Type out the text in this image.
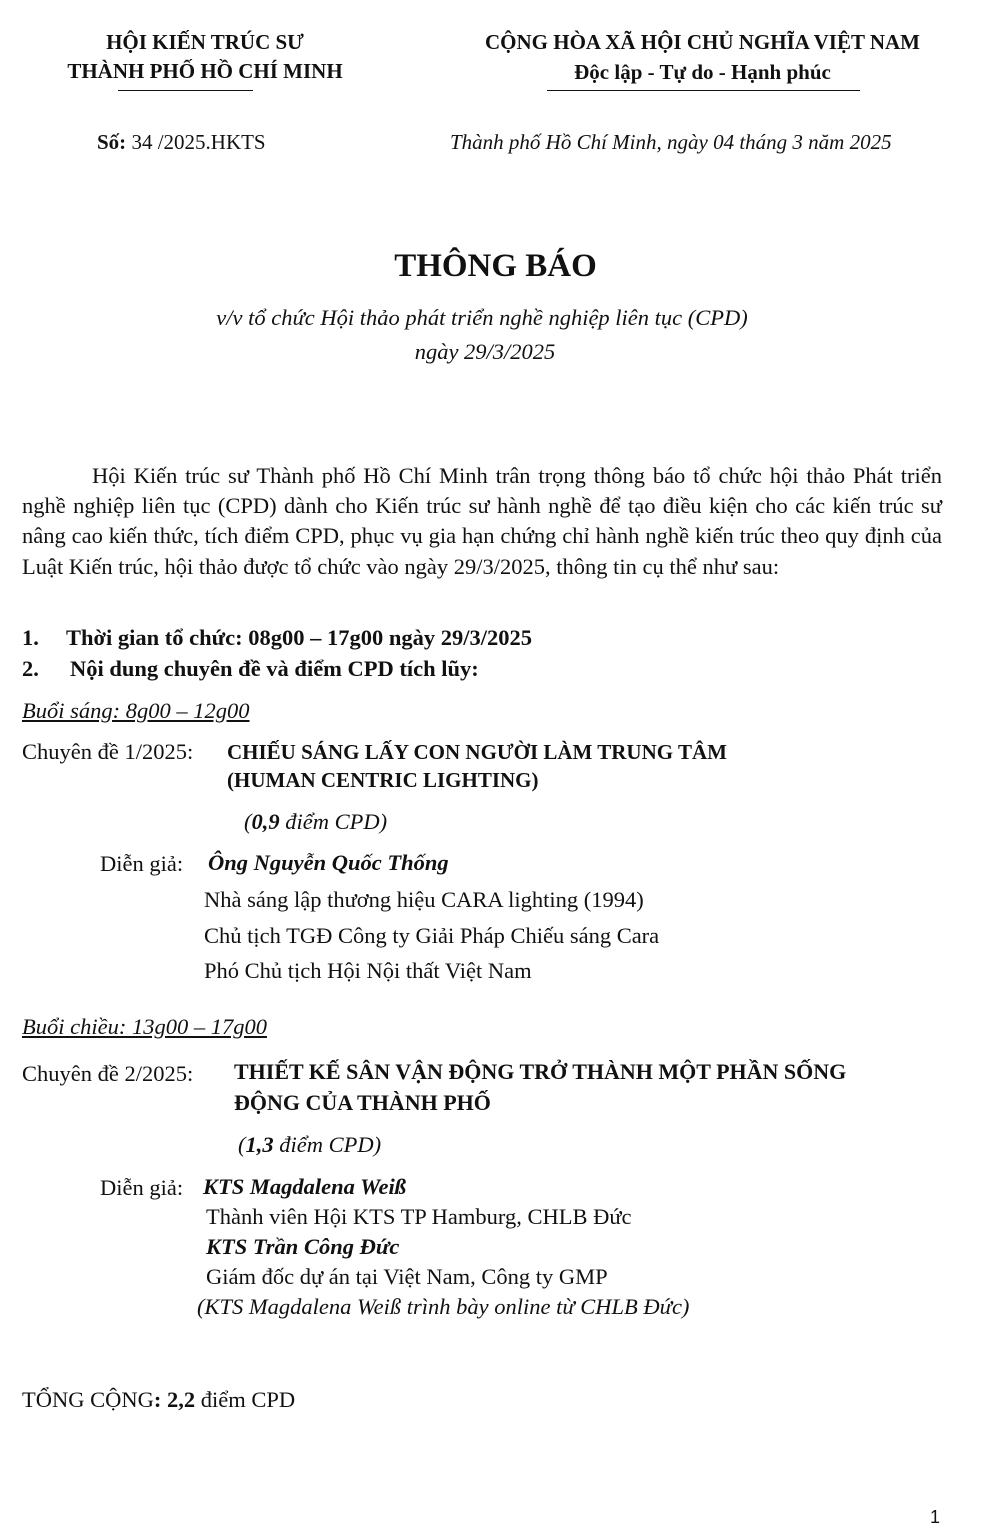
HỘI KIẾN TRÚC SƯ
THÀNH PHỐ HỒ CHÍ MINH
CỘNG HÒA XÃ HỘI CHỦ NGHĨA VIỆT NAM
Độc lập - Tự do - Hạnh phúc
Số: 34 /2025.HKTS	Thành phố Hồ Chí Minh, ngày 04 tháng 3 năm 2025
THÔNG BÁO
v/v tổ chức Hội thảo phát triển nghề nghiệp liên tục (CPD)
ngày 29/3/2025
Hội Kiến trúc sư Thành phố Hồ Chí Minh trân trọng thông báo tổ chức hội thảo Phát triển nghề nghiệp liên tục (CPD) dành cho Kiến trúc sư hành nghề để tạo điều kiện cho các kiến trúc sư nâng cao kiến thức, tích điểm CPD, phục vụ gia hạn chứng chỉ hành nghề kiến trúc theo quy định của Luật Kiến trúc, hội thảo được tổ chức vào ngày 29/3/2025, thông tin cụ thể như sau:
1. Thời gian tổ chức: 08g00 – 17g00 ngày 29/3/2025
2. Nội dung chuyên đề và điểm CPD tích lũy:
Buổi sáng: 8g00 – 12g00
Chuyên đề 1/2025: CHIẾU SÁNG LẤY CON NGƯỜI LÀM TRUNG TÂM
(HUMAN CENTRIC LIGHTING)
(0,9 điểm CPD)
Diễn giả: Ông Nguyễn Quốc Thống
Nhà sáng lập thương hiệu CARA lighting (1994)
Chủ tịch TGĐ Công ty Giải Pháp Chiếu sáng Cara
Phó Chủ tịch Hội Nội thất Việt Nam
Buổi chiều: 13g00 – 17g00
Chuyên đề 2/2025: THIẾT KẾ SÂN VẬN ĐỘNG TRỞ THÀNH MỘT PHẦN SỐNG
ĐỘNG CỦA THÀNH PHỐ
(1,3 điểm CPD)
Diễn giả: KTS Magdalena Weiß
Thành viên Hội KTS TP Hamburg, CHLB Đức
KTS Trần Công Đức
Giám đốc dự án tại Việt Nam, Công ty GMP
(KTS Magdalena Weiß trình bày online từ CHLB Đức)
TỔNG CỘNG: 2,2 điểm CPD
1
